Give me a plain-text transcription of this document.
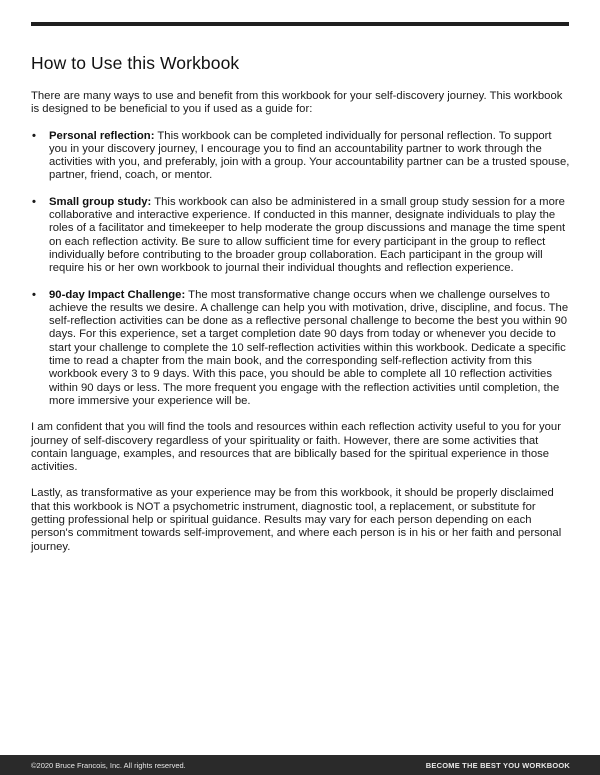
How to Use this Workbook

There are many ways to use and benefit from this workbook for your self-discovery journey. This workbook is designed to be beneficial to you if used as a guide for:

• Personal reflection: This workbook can be completed individually for personal reflection. To support you in your discovery journey, I encourage you to find an accountability partner to work through the activities with you, and preferably, join with a group. Your accountability partner can be a trusted spouse, partner, friend, coach, or mentor.
• Small group study: This workbook can also be administered in a small group study session for a more collaborative and interactive experience. If conducted in this manner, designate individuals to play the roles of a facilitator and timekeeper to help moderate the group discussions and manage the time spent on each reflection activity. Be sure to allow sufficient time for every participant in the group to reflect individually before contributing to the broader group collaboration. Each participant in the group will require his or her own workbook to journal their individual thoughts and reflection experience.
• 90-day Impact Challenge: The most transformative change occurs when we challenge ourselves to achieve the results we desire. A challenge can help you with motivation, drive, discipline, and focus. The self-reflection activities can be done as a reflective personal challenge to become the best you within 90 days. For this experience, set a target completion date 90 days from today or whenever you decide to start your challenge to complete the 10 self-reflection activities within this workbook. Dedicate a specific time to read a chapter from the main book, and the corresponding self-reflection activity from this workbook every 3 to 9 days. With this pace, you should be able to complete all 10 reflection activities within 90 days or less. The more frequent you engage with the reflection activities until completion, the more immersive your experience will be.

I am confident that you will find the tools and resources within each reflection activity useful to you for your journey of self-discovery regardless of your spirituality or faith. However, there are some activities that contain language, examples, and resources that are biblically based for the spiritual experience in those activities.

Lastly, as transformative as your experience may be from this workbook, it should be properly disclaimed that this workbook is NOT a psychometric instrument, diagnostic tool, a replacement, or substitute for getting professional help or spiritual guidance. Results may vary for each person depending on each person's commitment towards self-improvement, and where each person is in his or her faith and personal journey.

©2020 Bruce Francois, Inc. All rights reserved.	BECOME THE BEST YOU WORKBOOK
